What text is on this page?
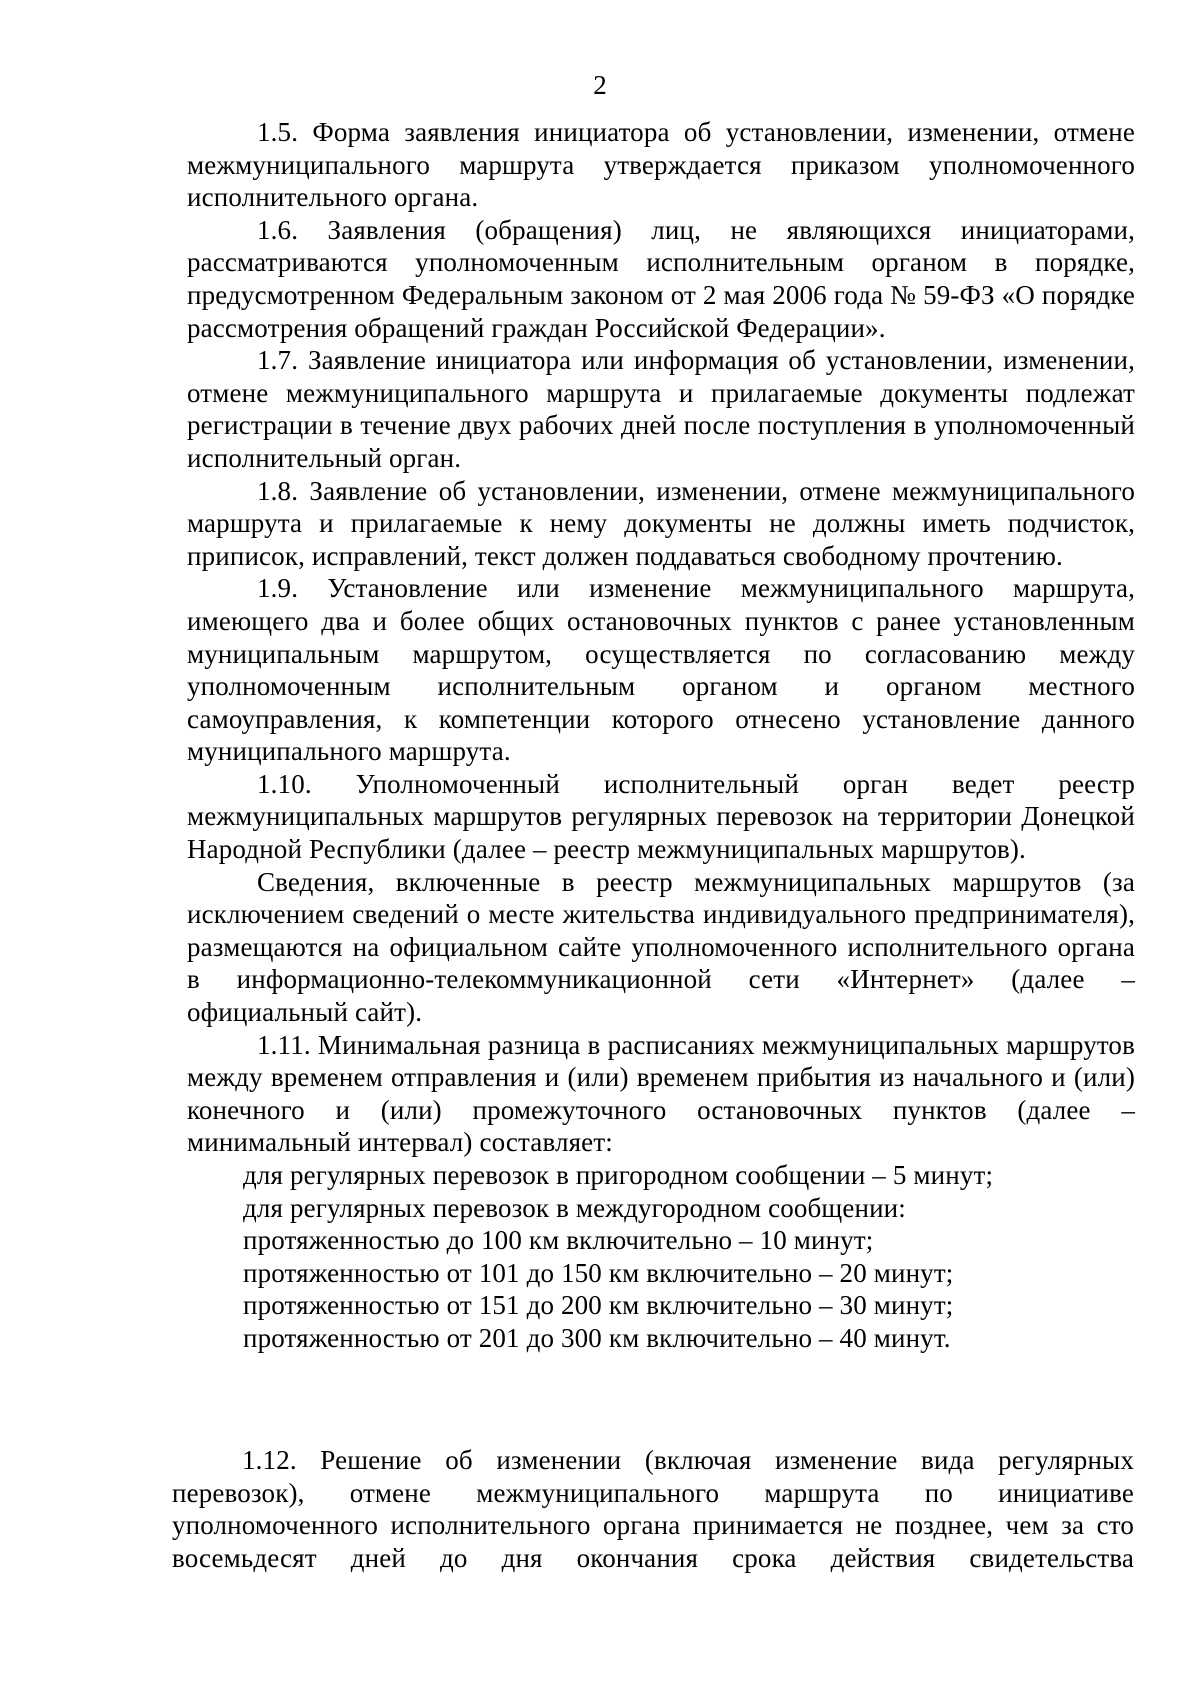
2

1.5. Форма заявления инициатора об установлении, изменении, отмене межмуниципального маршрута утверждается приказом уполномоченного исполнительного органа.

1.6. Заявления (обращения) лиц, не являющихся инициаторами, рассматриваются уполномоченным исполнительным органом в порядке, предусмотренном Федеральным законом от 2 мая 2006 года № 59-ФЗ «О порядке рассмотрения обращений граждан Российской Федерации».

1.7. Заявление инициатора или информация об установлении, изменении, отмене межмуниципального маршрута и прилагаемые документы подлежат регистрации в течение двух рабочих дней после поступления в уполномоченный исполнительный орган.

1.8. Заявление об установлении, изменении, отмене межмуниципального маршрута и прилагаемые к нему документы не должны иметь подчисток, приписок, исправлений, текст должен поддаваться свободному прочтению.

1.9. Установление или изменение межмуниципального маршрута, имеющего два и более общих остановочных пунктов с ранее установленным муниципальным маршрутом, осуществляется по согласованию между уполномоченным исполнительным органом и органом местного самоуправления, к компетенции которого отнесено установление данного муниципального маршрута.

1.10. Уполномоченный исполнительный орган ведет реестр межмуниципальных маршрутов регулярных перевозок на территории Донецкой Народной Республики (далее – реестр межмуниципальных маршрутов).

Сведения, включенные в реестр межмуниципальных маршрутов (за исключением сведений о месте жительства индивидуального предпринимателя), размещаются на официальном сайте уполномоченного исполнительного органа в информационно-телекоммуникационной сети «Интернет» (далее – официальный сайт).

1.11. Минимальная разница в расписаниях межмуниципальных маршрутов между временем отправления и (или) временем прибытия из начального и (или) конечного и (или) промежуточного остановочных пунктов (далее – минимальный интервал) составляет:

для регулярных перевозок в пригородном сообщении – 5 минут;

для регулярных перевозок в междугородном сообщении:

протяженностью до 100 км включительно – 10 минут;

протяженностью от 101 до 150 км включительно – 20 минут;

протяженностью от 151 до 200 км включительно – 30 минут;

протяженностью от 201 до 300 км включительно – 40 минут.

1.12. Решение об изменении (включая изменение вида регулярных перевозок), отмене межмуниципального маршрута по инициативе уполномоченного исполнительного органа принимается не позднее, чем за сто восемьдесят дней до дня окончания срока действия свидетельства
